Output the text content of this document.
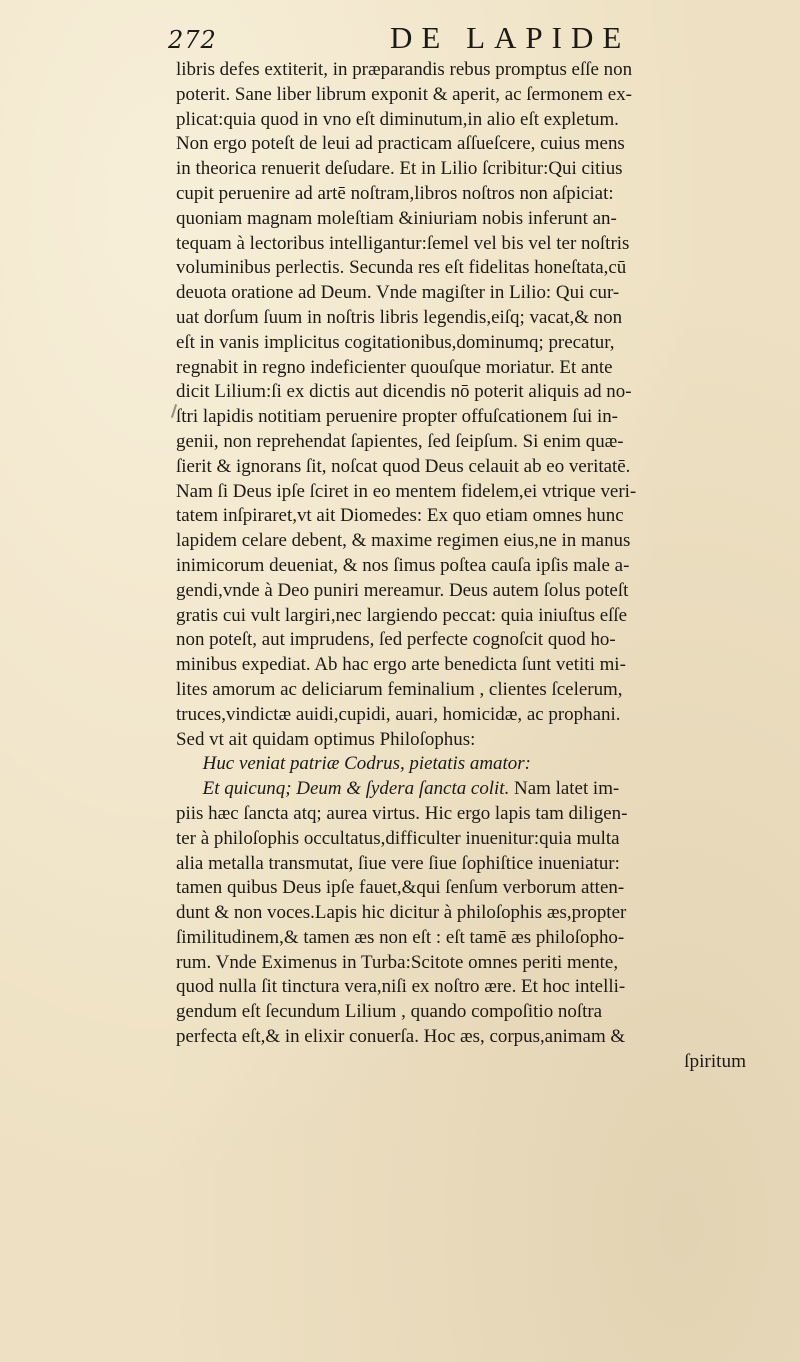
272	DE LAPIDE
libris defes extiterit, in præparandis rebus promptus eſſe non
poterit. Sane liber librum exponit & aperit, ac ſermonem ex-
plicat:quia quod in vno eſt diminutum,in alio eſt expletum.
Non ergo poteſt de leui ad practicam aſſueſcere, cuius mens
in theorica renuerit deſudare. Et in Lilio ſcribitur:Qui citius
cupit peruenire ad artē noſtram,libros noſtros non aſpiciat:
quoniam magnam moleſtiam &iniuriam nobis inferunt an-
tequam à lectoribus intelligantur:ſemel vel bis vel ter noſtris
voluminibus perlectis. Secunda res eſt fidelitas honeſtata,cū
deuota oratione ad Deum. Vnde magiſter in Lilio: Qui cur-
uat dorſum ſuum in noſtris libris legendis,eiſq; vacat,& non
eſt in vanis implicitus cogitationibus,dominumq; precatur,
regnabit in regno indeficienter quouſque moriatur. Et ante
dicit Lilium:ſi ex dictis aut dicendis nō poterit aliquis ad no-
ſtri lapidis notitiam peruenire propter offuſcationem ſui in-
genii, non reprehendat ſapientes, ſed ſeipſum. Si enim quæ-
ſierit & ignorans ſit, noſcat quod Deus celauit ab eo veritatē.
Nam ſi Deus ipſe ſciret in eo mentem fidelem,ei vtrique veri-
tatem inſpiraret,vt ait Diomedes: Ex quo etiam omnes hunc
lapidem celare debent, & maxime regimen eius,ne in manus
inimicorum deueniat, & nos ſimus poſtea cauſa ipſis male a-
gendi,vnde à Deo puniri mereamur. Deus autem ſolus poteſt
gratis cui vult largiri,nec largiendo peccat: quia iniuſtus eſſe
non poteſt, aut imprudens, ſed perfecte cognoſcit quod ho-
minibus expediat. Ab hac ergo arte benedicta ſunt vetiti mi-
lites amorum ac deliciarum feminalium , clientes ſcelerum,
truces,vindictæ auidi,cupidi, auari, homicidæ, ac prophani.
Sed vt ait quidam optimus Philoſophus:
Huc veniat patriæ Codrus, pietatis amator:
Et quicunq; Deum & ſydera ſancta colit. Nam latet im-
piis hæc ſancta atq; aurea virtus. Hic ergo lapis tam diligen-
ter à philoſophis occultatus,difficulter inuenitur:quia multa
alia metalla transmutat, ſiue vere ſiue ſophiſtice inueniatur:
tamen quibus Deus ipſe fauet,&qui ſenſum verborum atten-
dunt & non voces.Lapis hic dicitur à philoſophis æs,propter
ſimilitudinem,& tamen æs non eſt : eſt tamē æs philoſopho-
rum. Vnde Eximenus in Turba:Scitote omnes periti mente,
quod nulla ſit tinctura vera,niſi ex noſtro ære. Et hoc intelli-
gendum eſt ſecundum Lilium , quando compoſitio noſtra
perfecta eſt,& in elixir conuerſa. Hoc æs, corpus,animam &
ſpiritum
